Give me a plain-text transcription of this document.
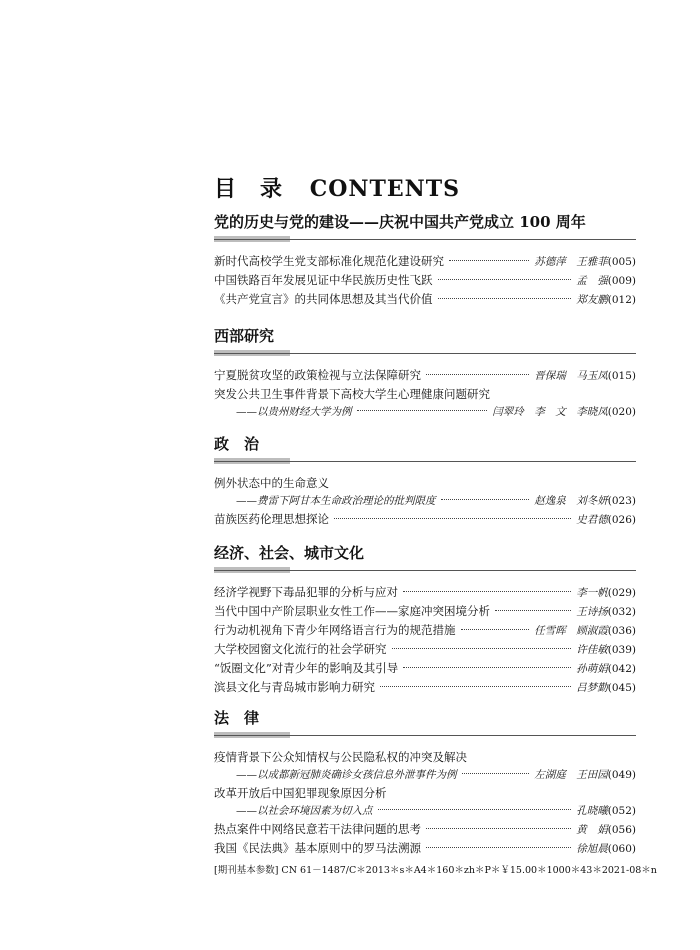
目　录 CONTENTS
党的历史与党的建设——庆祝中国共产党成立 100 周年
新时代高校学生党支部标准化规范化建设研究	苏德萍　王雅菲 (005)
中国铁路百年发展见证中华民族历史性飞跃	孟　强 (009)
《共产党宣言》的共同体思想及其当代价值	郑友鹏 (012)
西部研究
宁夏脱贫攻坚的政策检视与立法保障研究	晋保瑞　马玉凤 (015)
突发公共卫生事件背景下高校大学生心理健康问题研究
——以贵州财经大学为例	闫翠玲　李　文　李晓凤 (020)
政　治
例外状态中的生命意义
——费雷下阿甘本生命政治理论的批判限度	赵逸泉　刘冬妍 (023)
苗族医药伦理思想探论	史君德 (026)
经济、社会、城市文化
经济学视野下毒品犯罪的分析与应对	李一帆 (029)
当代中国中产阶层职业女性工作——家庭冲突困境分析	王诗扬 (032)
行为动机视角下青少年网络语言行为的规范措施	任雪晖　顾淑霞 (036)
大学校园窗文化流行的社会学研究	许佳敏 (039)
“饭圈文化”对青少年的影响及其引导	孙萌娟 (042)
滨县文化与青岛城市影响力研究	吕梦勤 (045)
法　律
疫情背景下公众知情权与公民隐私权的冲突及解决
——以成都新冠肺炎确诊女孩信息外泄事件为例	左湖庭　王田园 (049)
改革开放后中国犯罪现象原因分析
——以社会环境因素为切入点	孔晓曦 (052)
热点案件中网络民意若干法律问题的思考	黄　娟 (056)
我国《民法典》基本原则中的罗马法溯源	徐旭晨 (060)
[期刊基本参数] CN 61－1487/C＊2013＊s＊A4＊160＊zh＊P＊￥15.00＊1000＊43＊2021-08＊n
